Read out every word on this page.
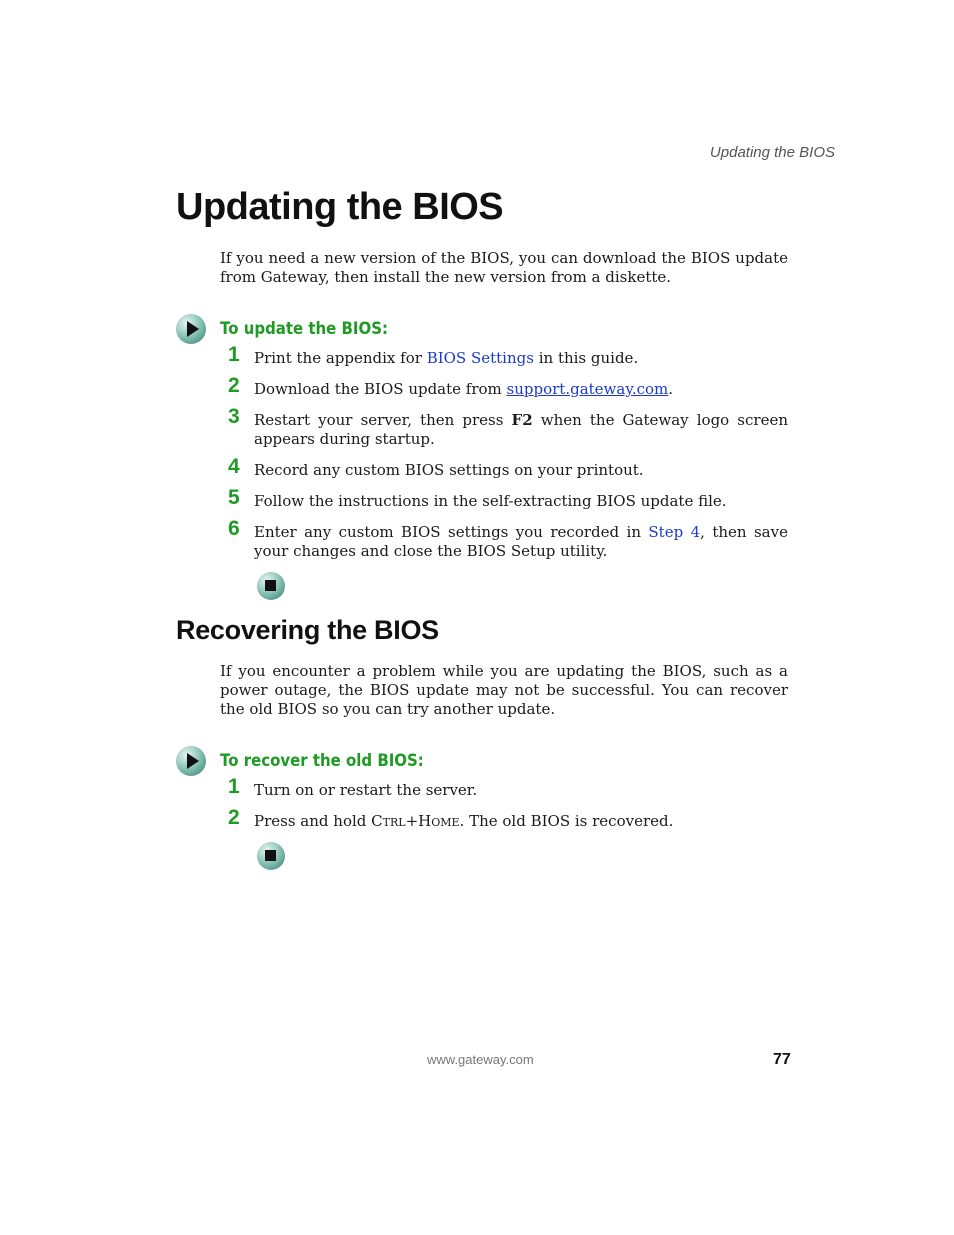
Updating the BIOS
Updating the BIOS

If you need a new version of the BIOS, you can download the BIOS update from Gateway, then install the new version from a diskette.

To update the BIOS:
1 Print the appendix for BIOS Settings in this guide.
2 Download the BIOS update from support.gateway.com.
3 Restart your server, then press F2 when the Gateway logo screen appears during startup.
4 Record any custom BIOS settings on your printout.
5 Follow the instructions in the self-extracting BIOS update file.
6 Enter any custom BIOS settings you recorded in Step 4, then save your changes and close the BIOS Setup utility.
Recovering the BIOS

If you encounter a problem while you are updating the BIOS, such as a power outage, the BIOS update may not be successful. You can recover the old BIOS so you can try another update.

To recover the old BIOS:
1 Turn on or restart the server.
2 Press and hold CTRL+HOME. The old BIOS is recovered.
www.gateway.com	77
